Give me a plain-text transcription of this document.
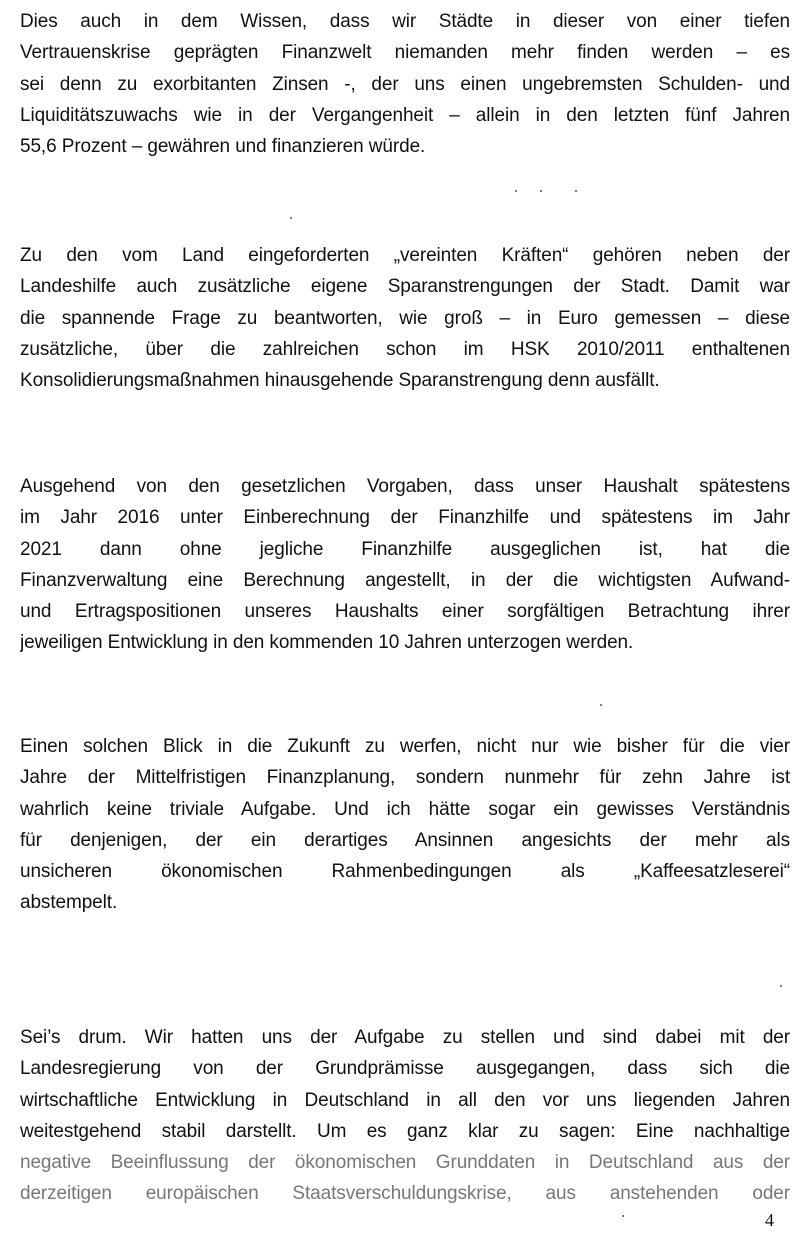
Dies auch in dem Wissen, dass wir Städte in dieser von einer tiefen
Vertrauenskrise geprägten Finanzwelt niemanden mehr finden werden – es
sei denn zu exorbitanten Zinsen -, der uns einen ungebremsten Schulden- und
Liquiditätszuwachs wie in der Vergangenheit – allein in den letzten fünf Jahren
55,6 Prozent – gewähren und finanzieren würde.
Zu den vom Land eingeforderten „vereinten Kräften“ gehören neben der
Landeshilfe auch zusätzliche eigene Sparanstrengungen der Stadt. Damit war
die spannende Frage zu beantworten, wie groß – in Euro gemessen – diese
zusätzliche, über die zahlreichen schon im HSK 2010/2011 enthaltenen
Konsolidierungsmaßnahmen hinausgehende Sparanstrengung denn ausfällt.
Ausgehend von den gesetzlichen Vorgaben, dass unser Haushalt spätestens
im Jahr 2016 unter Einberechnung der Finanzhilfe und spätestens im Jahr
2021 dann ohne jegliche Finanzhilfe ausgeglichen ist, hat die
Finanzverwaltung eine Berechnung angestellt, in der die wichtigsten Aufwand-
und Ertragspositionen unseres Haushalts einer sorgfältigen Betrachtung ihrer
jeweiligen Entwicklung in den kommenden 10 Jahren unterzogen werden.
Einen solchen Blick in die Zukunft zu werfen, nicht nur wie bisher für die vier
Jahre der Mittelfristigen Finanzplanung, sondern nunmehr für zehn Jahre ist
wahrlich keine triviale Aufgabe. Und ich hätte sogar ein gewisses Verständnis
für denjenigen, der ein derartiges Ansinnen angesichts der mehr als
unsicheren ökonomischen Rahmenbedingungen als „Kaffeesatzleserei“
abstempelt.
Sei’s drum. Wir hatten uns der Aufgabe zu stellen und sind dabei mit der
Landesregierung von der Grundprämisse ausgegangen, dass sich die
wirtschaftliche Entwicklung in Deutschland in all den vor uns liegenden Jahren
weitestgehend stabil darstellt. Um es ganz klar zu sagen: Eine nachhaltige
negative Beeinflussung der ökonomischen Grunddaten in Deutschland aus der
derzeitigen europäischen Staatsverschuldungskrise, aus anstehenden oder
4
